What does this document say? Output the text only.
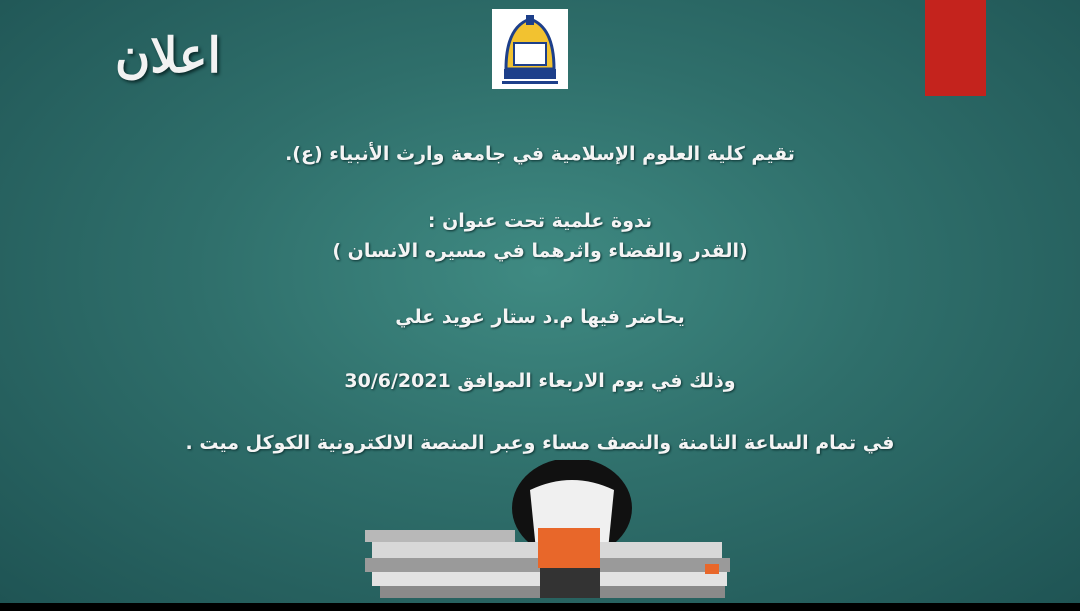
اعلان
تقيم كلية العلوم الإسلامية في جامعة وارث الأنبياء (ع).
ندوة علمية تحت عنوان :
(القدر والقضاء واثرهما في مسيره الانسان )
يحاضر فيها م.د ستار عويد علي
وذلك في يوم الاربعاء الموافق 30/6/2021
في تمام الساعة الثامنة والنصف مساء وعبر المنصة الالكترونية الكوكل ميت .
